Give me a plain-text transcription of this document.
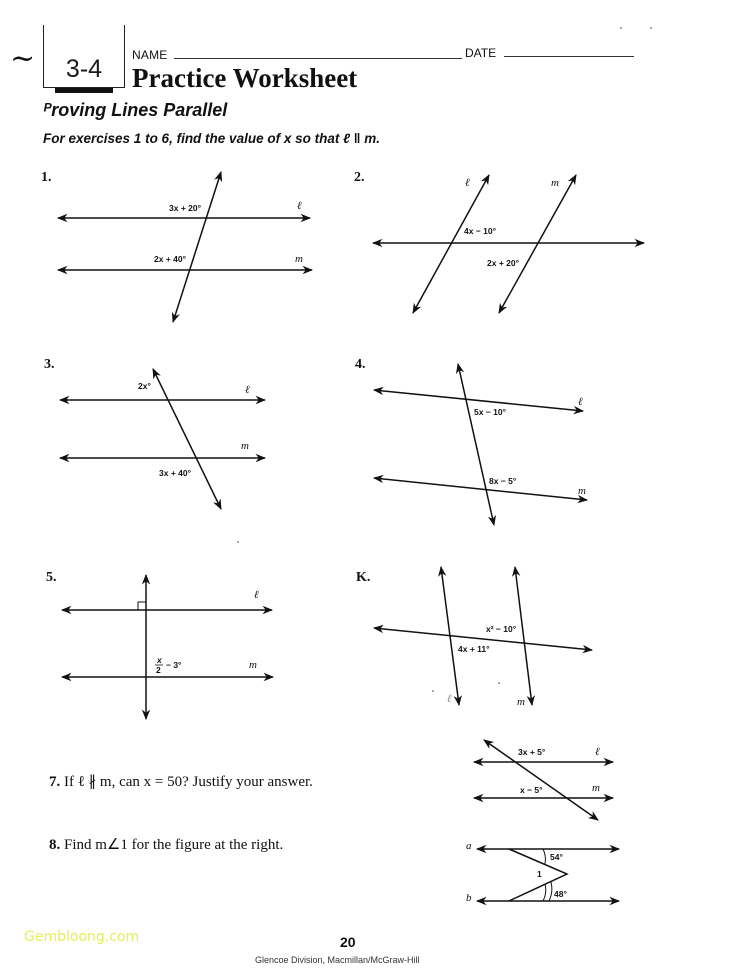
~	3-4	NAME	DATE
Practice Worksheet
ᴾroving Lines Parallel
For exercises 1 to 6, find the value of x so that ℓ ‖ m.
1.	2.
3.	4.
5.	K.
3x + 20°
2x + 40°
ℓ
m
4x − 10°
2x + 20°
ℓ	m
2x°
3x + 40°
ℓ
m
5x − 10°
8x − 5°
ℓ
m
x
2 − 3°
ℓ
m
x² − 10°
4x + 11°
ℓ	m
3x + 5°
x − 5°
ℓ
m
a
b
54°
1
48°
7. If ℓ ∦ m, can x = 50? Justify your answer.
8. Find m∠1 for the figure at the right.
Gembloong.com	20
Glencoe Division, Macmillan/McGraw-Hill
